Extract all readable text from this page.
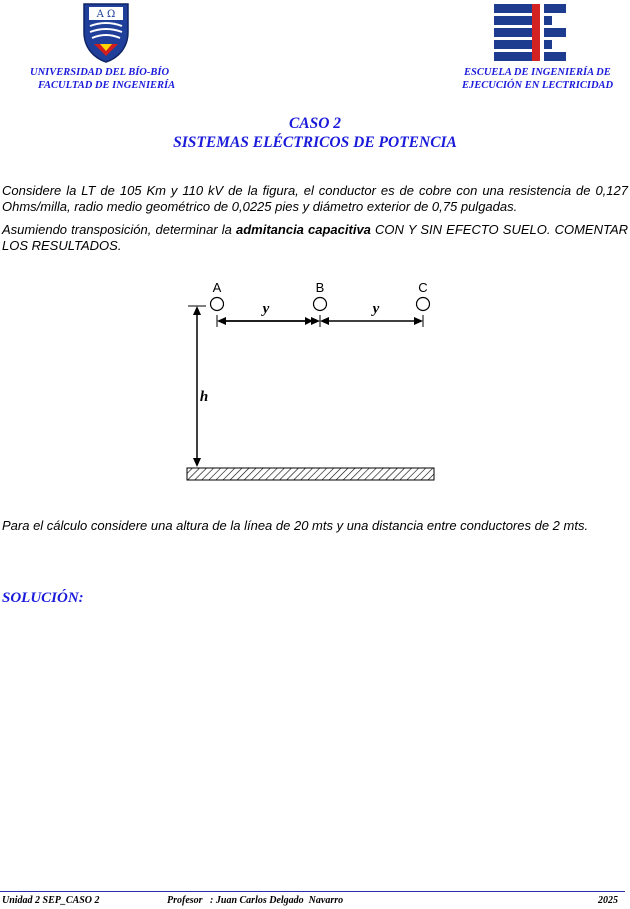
A Ω
UNIVERSIDAD DEL BÍO-BÍO
FACULTAD DE INGENIERÍA
ESCUELA DE INGENIERÍA DE
EJECUCIÓN EN LECTRICIDAD
CASO 2
SISTEMAS ELÉCTRICOS DE POTENCIA
Considere la LT de 105 Km y 110 kV de la figura, el conductor es de cobre con una resistencia de 0,127 Ohms/milla, radio medio geométrico de 0,0225 pies y diámetro exterior de 0,75 pulgadas.
Asumiendo transposición, determinar la admitancia capacitiva CON Y SIN EFECTO SUELO. COMENTAR LOS RESULTADOS.
A	B	C
y	y
h
Para el cálculo considere una altura de la línea de 20 mts y una distancia entre conductores de 2 mts.
SOLUCIÓN:
Unidad 2 SEP_CASO 2	Profesor   : Juan Carlos Delgado  Navarro	2025
